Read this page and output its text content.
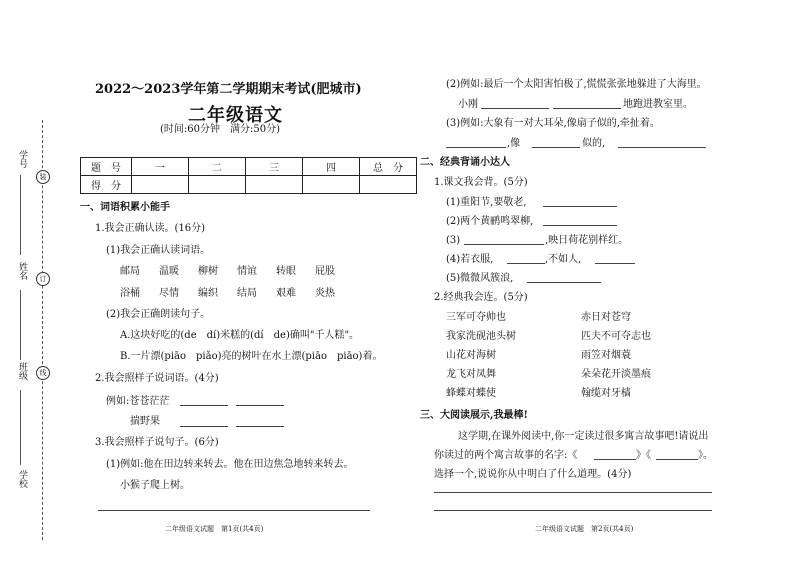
装
订
线
学号
姓名
班级
学校
2022～2023学年第二学期期末考试(肥城市)
二年级语文
(时间:60分钟　满分:50分)
题　号	一	二	三	四	总　分
得　分					
一、词语积累小能手
1.我会正确认读。(16分)
(1)我会正确认读词语。
邮局 温暖 柳树 情谊 转眼 屁股
浴桶 尽情 编织 结局 艰难 炎热
(2)我会正确朗读句子。
A.这块好吃的(de　dí)米糕的(dí　de)确叫"千人糕"。
B.一片漂(piāo　piǎo)亮的树叶在水上漂(piāo　piāo)着。
2.我会照样子说词语。(4分)
例如:苍苍茫茫
揣野果
3.我会照样子说句子。(6分)
(1)例如:他在田边转来转去。他在田边焦急地转来转去。
小猴子爬上树。
二年级语文试题　第1页(共4页)
(2)例如:最后一个太阳害怕极了,慌慌张张地躲进了大海里。
小刚	地跑进教室里。
(3)例如:大象有一对大耳朵,像扇子似的,牵扯着。
,像	似的,
二、经典背诵小达人
1.课文我会背。(5分)
(1)重阳节,要敬老,
(2)两个黄鹂鸣翠柳,
(3)	,映日荷花别样红。
(4)若衣服,	,不如人,
(5)微微风簇浪,
2.经典我会连。(5分)
三军可夺帅也
我家洗砚池头树
山花对海树
龙飞对凤舞
蜂蝶对蝶使
赤日对苍穹
匹夫不可夺志也
雨笠对烟蓑
朵朵花开淡墨痕
翰缆对牙樯
三、大阅读展示,我最棒!
这学期,在课外阅读中,你一定读过很多寓言故事吧!请说出
你读过的两个寓言故事的名字:《	》《	》。
选择一个,说说你从中明白了什么道理。(4分)
二年级语文试题　第2页(共4页)
